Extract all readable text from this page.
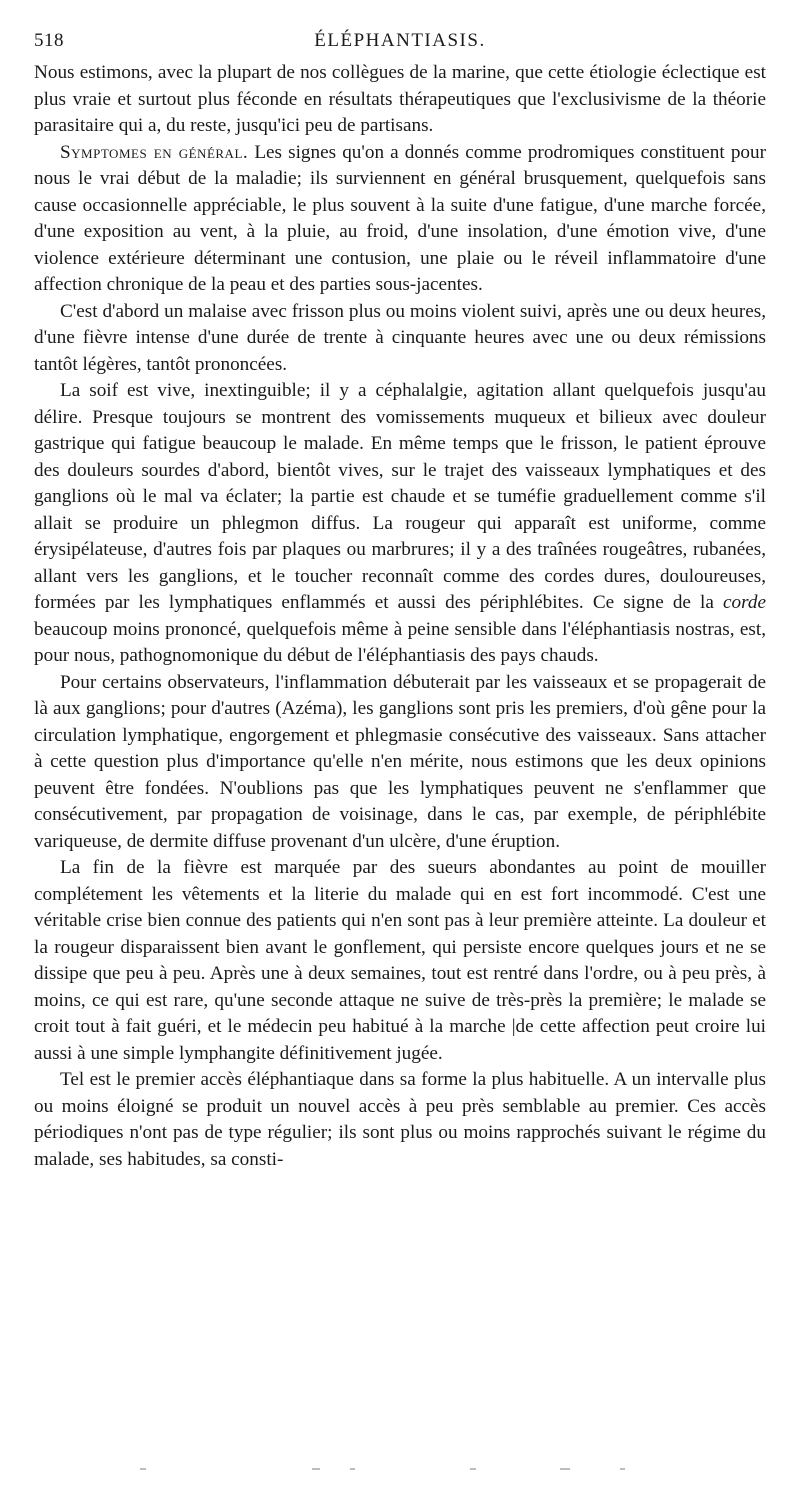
518	ÉLÉPHANTIASIS.

Nous estimons, avec la plupart de nos collègues de la marine, que cette étiologie éclectique est plus vraie et surtout plus féconde en résultats thérapeutiques que l'exclusivisme de la théorie parasitaire qui a, du reste, jusqu'ici peu de partisans.

Symptomes en général. Les signes qu'on a donnés comme prodromiques constituent pour nous le vrai début de la maladie; ils surviennent en général brusquement, quelquefois sans cause occasionnelle appréciable, le plus souvent à la suite d'une fatigue, d'une marche forcée, d'une exposition au vent, à la pluie, au froid, d'une insolation, d'une émotion vive, d'une violence extérieure déterminant une contusion, une plaie ou le réveil inflammatoire d'une affection chronique de la peau et des parties sous-jacentes.

C'est d'abord un malaise avec frisson plus ou moins violent suivi, après une ou deux heures, d'une fièvre intense d'une durée de trente à cinquante heures avec une ou deux rémissions tantôt légères, tantôt prononcées.

La soif est vive, inextinguible; il y a céphalalgie, agitation allant quelquefois jusqu'au délire. Presque toujours se montrent des vomissements muqueux et bilieux avec douleur gastrique qui fatigue beaucoup le malade. En même temps que le frisson, le patient éprouve des douleurs sourdes d'abord, bientôt vives, sur le trajet des vaisseaux lymphatiques et des ganglions où le mal va éclater; la partie est chaude et se tuméfie graduellement comme s'il allait se produire un phlegmon diffus. La rougeur qui apparaît est uniforme, comme érysipélateuse, d'autres fois par plaques ou marbrures; il y a des traînées rougeâtres, rubanées, allant vers les ganglions, et le toucher reconnaît comme des cordes dures, douloureuses, formées par les lymphatiques enflammés et aussi des périphlébites. Ce signe de la corde beaucoup moins prononcé, quelquefois même à peine sensible dans l'éléphantiasis nostras, est, pour nous, pathognomonique du début de l'éléphantiasis des pays chauds.

Pour certains observateurs, l'inflammation débuterait par les vaisseaux et se propagerait de là aux ganglions; pour d'autres (Azéma), les ganglions sont pris les premiers, d'où gêne pour la circulation lymphatique, engorgement et phlegmasie consécutive des vaisseaux. Sans attacher à cette question plus d'importance qu'elle n'en mérite, nous estimons que les deux opinions peuvent être fondées. N'oublions pas que les lymphatiques peuvent ne s'enflammer que consécutivement, par propagation de voisinage, dans le cas, par exemple, de périphlébite variqueuse, de dermite diffuse provenant d'un ulcère, d'une éruption.

La fin de la fièvre est marquée par des sueurs abondantes au point de mouiller complétement les vêtements et la literie du malade qui en est fort incommodé. C'est une véritable crise bien connue des patients qui n'en sont pas à leur première atteinte. La douleur et la rougeur disparaissent bien avant le gonflement, qui persiste encore quelques jours et ne se dissipe que peu à peu. Après une à deux semaines, tout est rentré dans l'ordre, ou à peu près, à moins, ce qui est rare, qu'une seconde attaque ne suive de très-près la première; le malade se croit tout à fait guéri, et le médecin peu habitué à la marche |de cette affection peut croire lui aussi à une simple lymphangite définitivement jugée.

Tel est le premier accès éléphantiaque dans sa forme la plus habituelle. A un intervalle plus ou moins éloigné se produit un nouvel accès à peu près semblable au premier. Ces accès périodiques n'ont pas de type régulier; ils sont plus ou moins rapprochés suivant le régime du malade, ses habitudes, sa consti-
